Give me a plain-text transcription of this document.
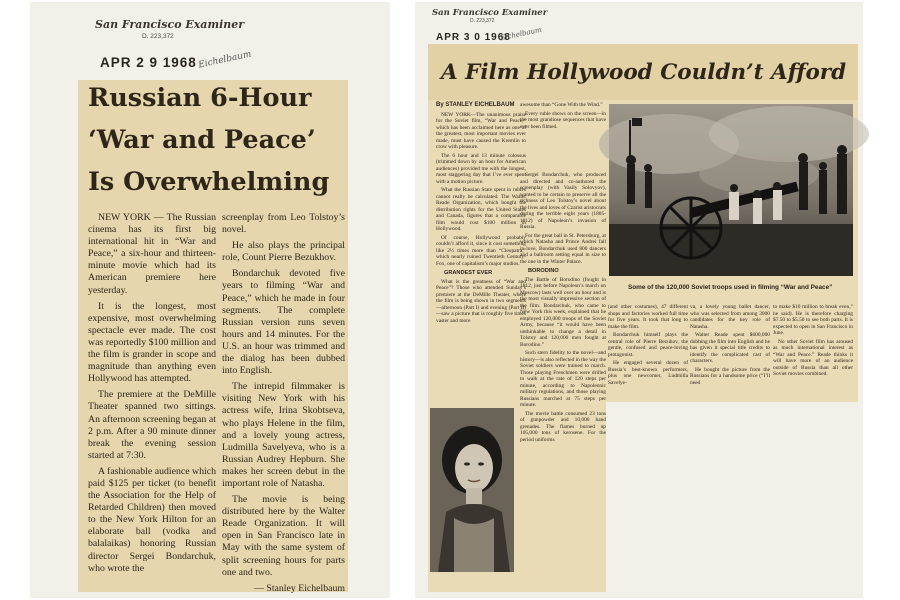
San Francisco Examiner
D. 223,372
APR 2 9 1968 Eichelbaum
Russian 6-Hour
‘War and Peace’
Is Overwhelming

NEW YORK — The Russian cinema has its first big international hit in “War and Peace,” a six-hour and thirteen-minute movie which had its American premiere here yesterday.

It is the longest, most expensive, most overwhelming spectacle ever made. The cost was reportedly $100 million and the film is grander in scope and magnitude than anything even Hollywood has attempted.

The premiere at the DeMille Theater spanned two sittings. An afternoon screening began at 2 p.m. After a 90 minute dinner break the evening session started at 7:30.

A fashionable audience which paid $125 per ticket (to benefit the Association for the Help of Retarded Children) then moved to the New York Hilton for an elaborate ball (vodka and balalaikas) honoring Russian director Sergei Bondarchuk, who wrote the

screenplay from Leo Tolstoy’s novel.

He also plays the principal role, Count Pierre Bezukhov.

Bondarchuk devoted five years to filming “War and Peace,” which he made in four segments. The complete Russian version runs seven hours and 14 minutes. For the U.S. an hour was trimmed and the dialog has been dubbed into English.

The intrepid filmmaker is visiting New York with his actress wife, Irina Skobtseva, who plays Helene in the film, and a lovely young actress, Ludmilla Savelyeva, who is a Russian Audrey Hepburn. She makes her screen debut in the important role of Natasha.

The movie is being distributed here by the Walter Reade Organization. It will open in San Francisco late in May with the same system of split screening hours for parts one and two.

— Stanley Eichelbaum

San Francisco Examiner
D. 223,372
APR 3 0 1968
Eichelbaum
A Film Hollywood Couldn’t Afford

By STANLEY EICHELBAUM

NEW YORK—The unanimous praise for the Soviet film, “War and Peace,” which has been acclaimed here as one of the greatest, most important movies ever made, must have caused the Kremlin to crow with pleasure.

The 6 hour and 13 minute colossus (trimmed down by an hour for American audiences) provided me with the longest, most staggering day that I’ve ever spent with a motion picture.

What the Russian State spent in rubles cannot really be calculated. The Walter Reade Organization, which bought the distribution rights for the United States and Canada, figures that a comparable film would cost $100 million in Hollywood.

Of course, Hollywood probably couldn’t afford it, since it cost something like 2½ times more than “Cleopatra,” which nearly ruined Twentieth Century-Fox, one of capitalism’s major studios.

GRANDEST EVER

What is the greatness of “War and Peace”? Those who attended Sunday’s premiere at the DeMille Theater, where the film is being shown in two segments—afternoon (Part I) and evening (Part II)—saw a picture that is roughly five times vaster and more

awesome than “Gone With the Wind.”

Every ruble shows on the screen—in the most grandiose sequences that have ever been filmed.

Sergei Bondarchuk, who produced and directed and co-authored the screenplay (with Vasily Solovyov), wanted to be certain to preserve all the richness of Leo Tolstoy’s novel about the lives and loves of Czarist aristocrats during the terrible eight years (1805-1812) of Napoleon’s invasion of Russia.

For the great ball in St. Petersburg, at which Natasha and Prince Andrei fall in love, Bondarchuk used 800 dancers and a ballroom setting equal in size to the one in the Winter Palace.

BORODINO

The Battle of Borodino (fought in 1812, just before Napoleon’s march on Moscow) lasts well over an hour and is the most visually impressive section of the film. Bondarchuk, who came to New York this week, explained that he employed 120,000 troops of the Soviet Army, because “it would have been unthinkable to change a detail in Tolstoy and 120,000 men fought at Borodino.”

Such stern fidelity to the novel—and history—is also reflected in the way the Soviet soldiers were trained to march. Those playing Frenchmen were drilled to walk at the rate of 120 steps per minute, according to Napoleonic military regulations, and those playing Russians marched at 75 steps per minute.

The movie battle consumed 23 tons of gunpowder and 10,000 hand grenades. The flames burned up 105,000 tons of kerosene. For the period uniforms

(and other costumes), 47 different shops and factories worked full time for five years. It took that long to make the film.

Bondarchuk himself plays the central role of Pierre Bezuhov, the gentle, confused and peace-loving protagonist.

He engaged several dozen of Russia’s best-known performers, plus one newcomer, Ludmilla Savelye-

va, a lovely young ballet dancer, who was selected from among 3000 candidates for the key role of Natasha.

Walter Reade spent $600,000 dubbing the film into English and he has given it special title credits to identify the complicated cast of characters.

He bought the picture from the Russians for a handsome price (“I’ll need

to make $10 million to break even,” he said). He is therefore charging $7.50 to $5.50 to see both parts. It is expected to open in San Francisco in June.

No other Soviet film has aroused as much international interest as “War and Peace.” Reade thinks it will have more of an audience outside of Russia than all other Soviet movies combined.

Some of the 120,000 Soviet troops used in filming “War and Peace”
